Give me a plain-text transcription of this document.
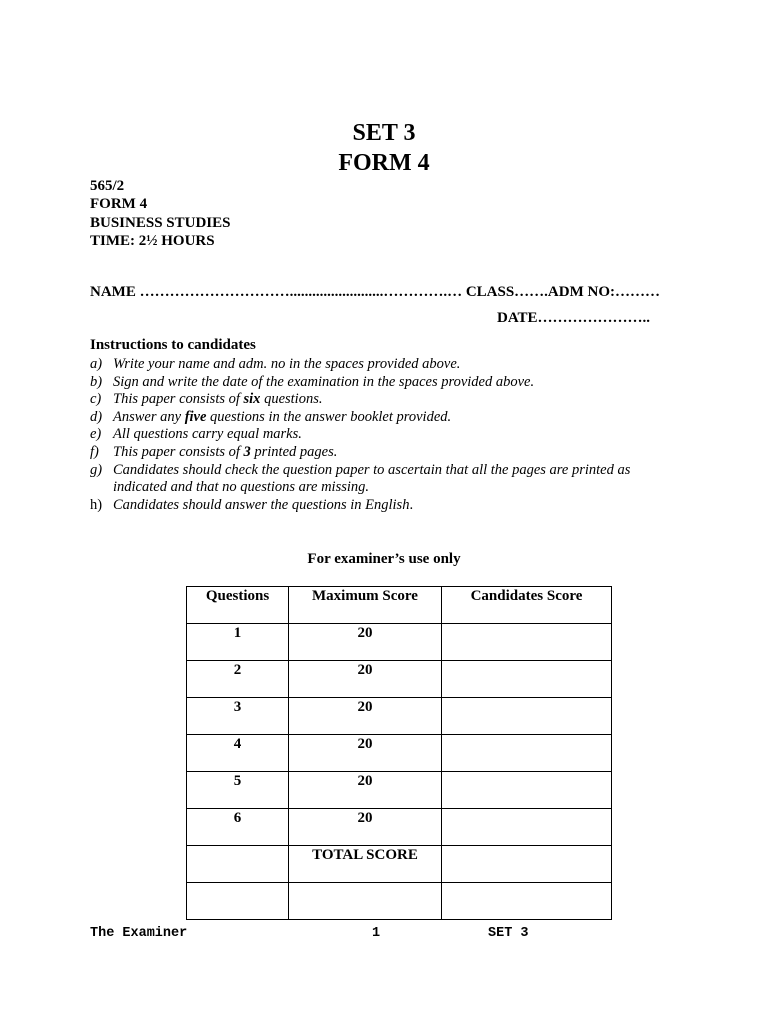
SET 3
FORM 4
565/2
FORM 4
BUSINESS STUDIES
TIME: 2½ HOURS
NAME ………………………….........................………….… CLASS…….ADM NO:………
DATE…………………..
Instructions to candidates
a) Write your name and adm. no in the spaces provided above.
b) Sign and write the date of the examination in the spaces provided above.
c) This paper consists of six questions.
d) Answer any five questions in the answer booklet provided.
e) All questions carry equal marks.
f) This paper consists of 3 printed pages.
g) Candidates should check the question paper to ascertain that all the pages are printed as indicated and that no questions are missing.
h) Candidates should answer the questions in English.
For examiner’s use only
Questions	Maximum Score	Candidates Score
1	20	
2	20	
3	20	
4	20	
5	20	
6	20	
	TOTAL SCORE	

The Examiner	1	SET 3
